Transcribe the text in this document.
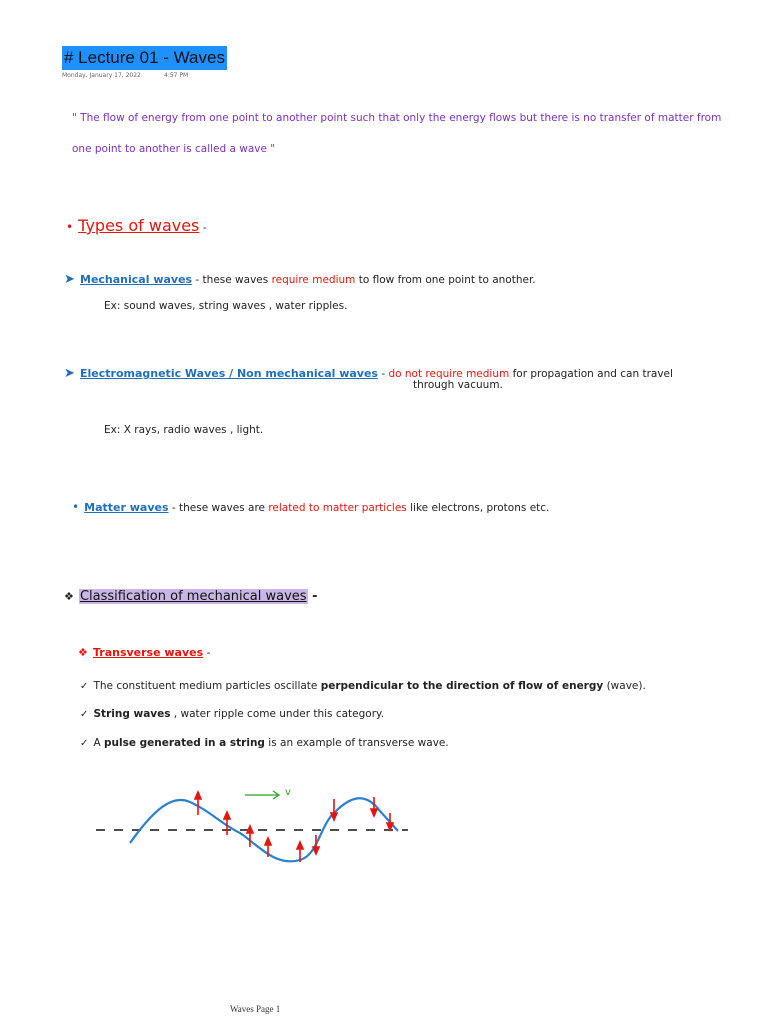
# Lecture 01 - Waves
Monday, January 17, 2022	4:57 PM
" The flow of energy from one point to another point such that only the energy flows but there is no transfer of matter from
one point to another is called a wave "
• Types of waves -
➤ Mechanical waves - these waves require medium to flow from one point to another.
Ex: sound waves, string waves , water ripples.
➤ Electromagnetic Waves / Non mechanical waves - do not require medium for propagation and can travel
through vacuum.
Ex: X rays, radio waves , light.
• Matter waves - these waves are related to matter particles like electrons, protons etc.
❖ Classification of mechanical waves -
❖ Transverse waves -
✓ The constituent medium particles oscillate perpendicular to the direction of flow of energy (wave).
✓ String waves , water ripple come under this category.
✓ A pulse generated in a string is an example of transverse wave.
v
Waves Page 1
